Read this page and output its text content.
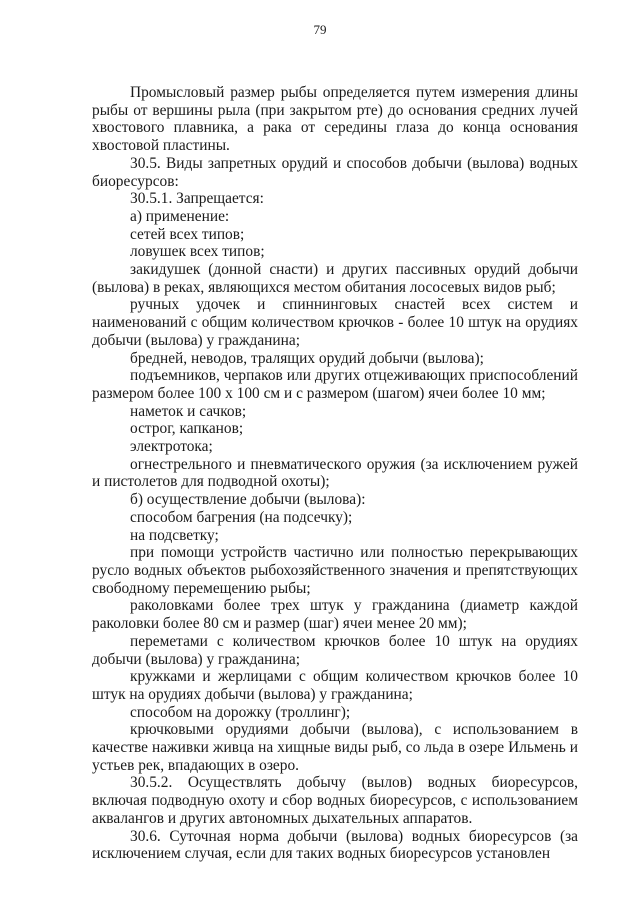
79

Промысловый размер рыбы определяется путем измерения длины рыбы от вершины рыла (при закрытом рте) до основания средних лучей хвостового плавника, а рака от середины глаза до конца основания хвостовой пластины.

30.5. Виды запретных орудий и способов добычи (вылова) водных биоресурсов:

30.5.1. Запрещается:

а) применение:

сетей всех типов;

ловушек всех типов;

закидушек (донной снасти) и других пассивных орудий добычи (вылова) в реках, являющихся местом обитания лососевых видов рыб;

ручных удочек и спиннинговых снастей всех систем и наименований с общим количеством крючков - более 10 штук на орудиях добычи (вылова) у гражданина;

бредней, неводов, тралящих орудий добычи (вылова);

подъемников, черпаков или других отцеживающих приспособлений размером более 100 x 100 см и с размером (шагом) ячеи более 10 мм;

наметок и сачков;

острог, капканов;

электротока;

огнестрельного и пневматического оружия (за исключением ружей и пистолетов для подводной охоты);

б) осуществление добычи (вылова):

способом багрения (на подсечку);

на подсветку;

при помощи устройств частично или полностью перекрывающих русло водных объектов рыбохозяйственного значения и препятствующих свободному перемещению рыбы;

раколовками более трех штук у гражданина (диаметр каждой раколовки более 80 см и размер (шаг) ячеи менее 20 мм);

переметами с количеством крючков более 10 штук на орудиях добычи (вылова) у гражданина;

кружками и жерлицами с общим количеством крючков более 10 штук на орудиях добычи (вылова) у гражданина;

способом на дорожку (троллинг);

крючковыми орудиями добычи (вылова), с использованием в качестве наживки живца на хищные виды рыб, со льда в озере Ильмень и устьев рек, впадающих в озеро.

30.5.2. Осуществлять добычу (вылов) водных биоресурсов, включая подводную охоту и сбор водных биоресурсов, с использованием аквалангов и других автономных дыхательных аппаратов.

30.6. Суточная норма добычи (вылова) водных биоресурсов (за исключением случая, если для таких водных биоресурсов установлен
